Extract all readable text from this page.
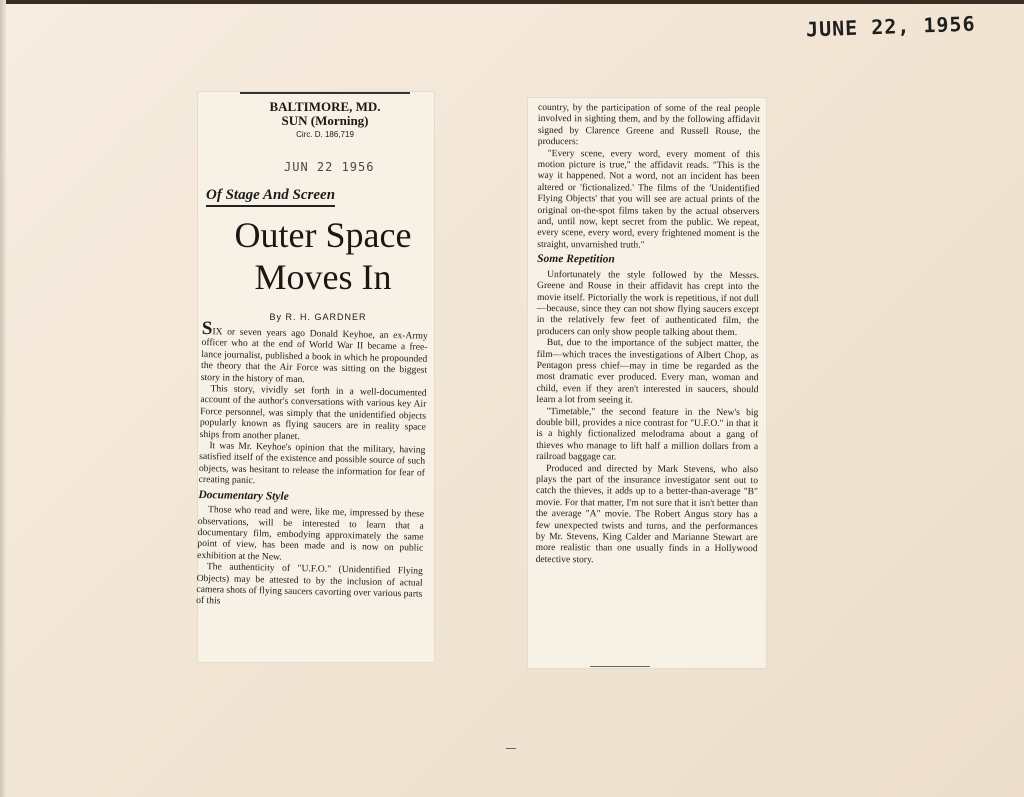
JUNE 22, 1956
BALTIMORE, MD.
SUN (Morning)
Circ. D. 186,719
JUN 22 1956
Of Stage And Screen
Outer Space
Moves In
By R. H. GARDNER

SIX or seven years ago Donald Keyhoe, an ex-Army officer who at the end of World War II became a free-lance journalist, published a book in which he propounded the theory that the Air Force was sitting on the biggest story in the history of man.

This story, vividly set forth in a well-documented account of the author's conversations with various key Air Force personnel, was simply that the unidentified objects popularly known as flying saucers are in reality space ships from another planet.

It was Mr. Keyhoe's opinion that the military, having satisfied itself of the existence and possible source of such objects, was hesitant to release the information for fear of creating panic.

Documentary Style

Those who read and were, like me, impressed by these observations, will be interested to learn that a documentary film, embodying approximately the same point of view, has been made and is now on public exhibition at the New.

The authenticity of "U.F.O." (Unidentified Flying Objects) may be attested to by the inclusion of actual camera shots of flying saucers cavorting over various parts of this

country, by the participation of some of the real people involved in sighting them, and by the following affidavit signed by Clarence Greene and Russell Rouse, the producers:

"Every scene, every word, every moment of this motion picture is true," the affidavit reads. "This is the way it happened. Not a word, not an incident has been altered or 'fictionalized.' The films of the 'Unidentified Flying Objects' that you will see are actual prints of the original on-the-spot films taken by the actual observers and, until now, kept secret from the public. We repeat, every scene, every word, every frightened moment is the straight, unvarnished truth."

Some Repetition

Unfortunately the style followed by the Messrs. Greene and Rouse in their affidavit has crept into the movie itself. Pictorially the work is repetitious, if not dull—because, since they can not show flying saucers except in the relatively few feet of authenticated film, the producers can only show people talking about them.

But, due to the importance of the subject matter, the film—which traces the investigations of Albert Chop, as Pentagon press chief—may in time be regarded as the most dramatic ever produced. Every man, woman and child, even if they aren't interested in saucers, should learn a lot from seeing it.

"Timetable," the second feature in the New's big double bill, provides a nice contrast for "U.F.O." in that it is a highly fictionalized melodrama about a gang of thieves who manage to lift half a million dollars from a railroad baggage car.

Produced and directed by Mark Stevens, who also plays the part of the insurance investigator sent out to catch the thieves, it adds up to a better-than-average "B" movie. For that matter, I'm not sure that it isn't better than the average "A" movie. The Robert Angus story has a few unexpected twists and turns, and the performances by Mr. Stevens, King Calder and Marianne Stewart are more realistic than one usually finds in a Hollywood detective story.
